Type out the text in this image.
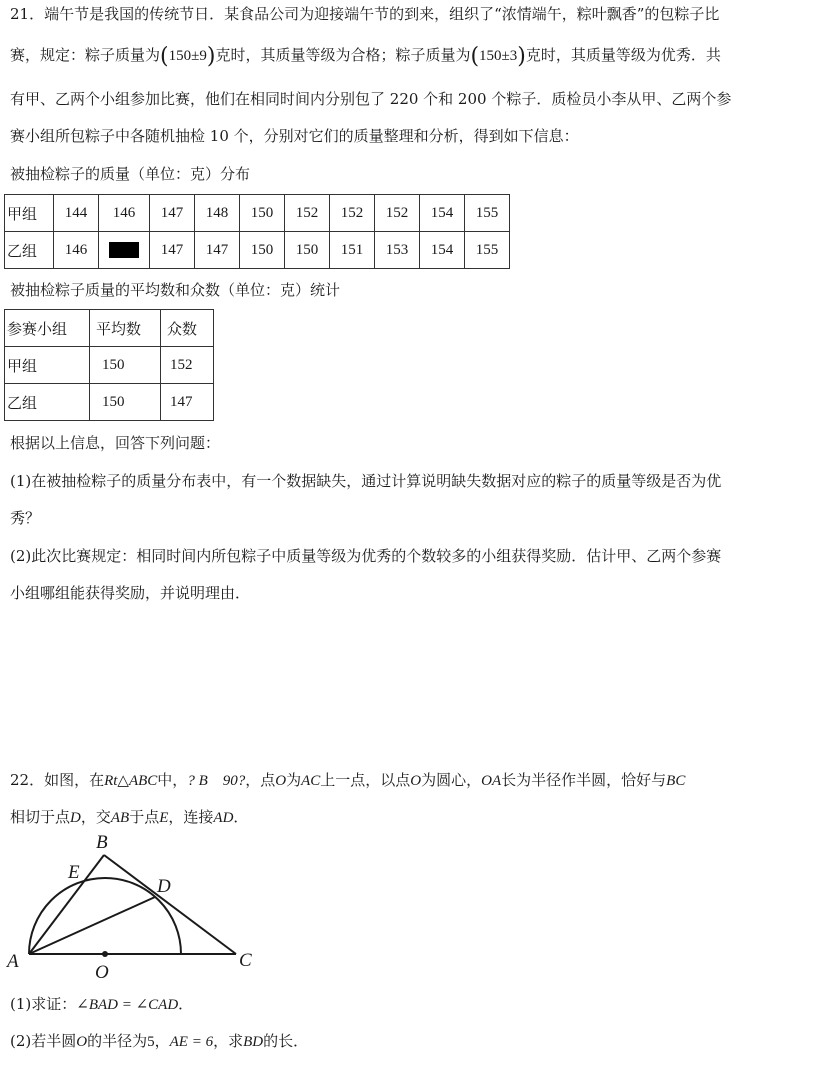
21．端午节是我国的传统节日．某食品公司为迎接端午节的到来，组织了“浓情端午，粽叶飘香”的包粽子比
赛，规定：粽子质量为(150±9)克时，其质量等级为合格；粽子质量为(150±3)克时，其质量等级为优秀．共
有甲、乙两个小组参加比赛，他们在相同时间内分别包了 220 个和 200 个粽子．质检员小李从甲、乙两个参
赛小组所包粽子中各随机抽检 10 个，分别对它们的质量整理和分析，得到如下信息：
被抽检粽子的质量（单位：克）分布
甲组	144	146	147	148	150	152	152	152	154	155
乙组	146		147	147	150	150	151	153	154	155
被抽检粽子质量的平均数和众数（单位：克）统计
参赛小组	平均数	众数
甲组	150	152
乙组	150	147
根据以上信息，回答下列问题：
(1)在被抽检粽子的质量分布表中，有一个数据缺失，通过计算说明缺失数据对应的粽子的质量等级是否为优
秀？
(2)此次比赛规定：相同时间内所包粽子中质量等级为优秀的个数较多的小组获得奖励．估计甲、乙两个参赛
小组哪组能获得奖励，并说明理由．
22．如图，在Rt△ABC中，? B    90?，点O为AC上一点，以点O为圆心，OA长为半径作半圆，恰好与BC
相切于点D，交AB于点E，连接AD．
B
E
D
A
O
C
(1)求证：∠BAD = ∠CAD．
(2)若半圆O的半径为5，AE = 6，求BD的长．
